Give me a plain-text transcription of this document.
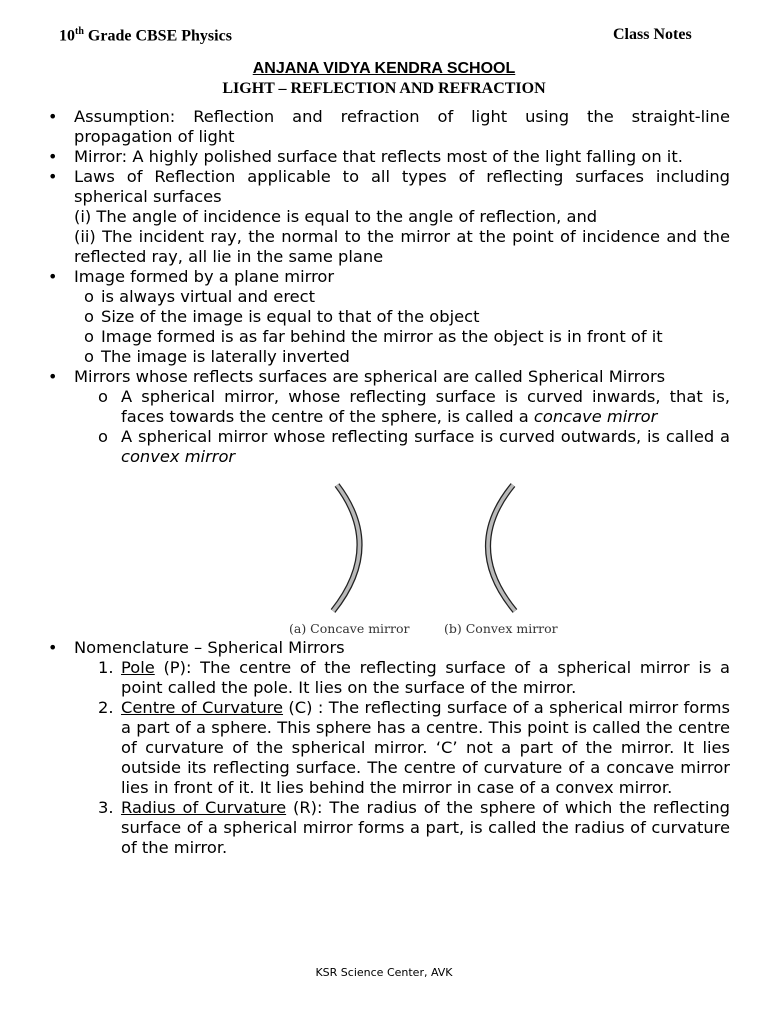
10th Grade CBSE Physics	Class Notes
ANJANA VIDYA KENDRA SCHOOL
LIGHT – REFLECTION AND REFRACTION
• Assumption: Reflection and refraction of light using the straight-line propagation of light
• Mirror: A highly polished surface that reflects most of the light falling on it.
• Laws of Reflection applicable to all types of reflecting surfaces including spherical surfaces
(i) The angle of incidence is equal to the angle of reflection, and
(ii) The incident ray, the normal to the mirror at the point of incidence and the reflected ray, all lie in the same plane
• Image formed by a plane mirror
o is always virtual and erect
o Size of the image is equal to that of the object
o Image formed is as far behind the mirror as the object is in front of it
o The image is laterally inverted
• Mirrors whose reflects surfaces are spherical are called Spherical Mirrors
o A spherical mirror, whose reflecting surface is curved inwards, that is, faces towards the centre of the sphere, is called a concave mirror
o A spherical mirror whose reflecting surface is curved outwards, is called a convex mirror
(a) Concave mirror	(b) Convex mirror
• Nomenclature – Spherical Mirrors
1. Pole (P): The centre of the reflecting surface of a spherical mirror is a point called the pole. It lies on the surface of the mirror.
2. Centre of Curvature (C) : The reflecting surface of a spherical mirror forms a part of a sphere. This sphere has a centre. This point is called the centre of curvature of the spherical mirror. ‘C’ not a part of the mirror. It lies outside its reflecting surface. The centre of curvature of a concave mirror lies in front of it. It lies behind the mirror in case of a convex mirror.
3. Radius of Curvature (R): The radius of the sphere of which the reflecting surface of a spherical mirror forms a part, is called the radius of curvature of the mirror.
KSR Science Center, AVK
